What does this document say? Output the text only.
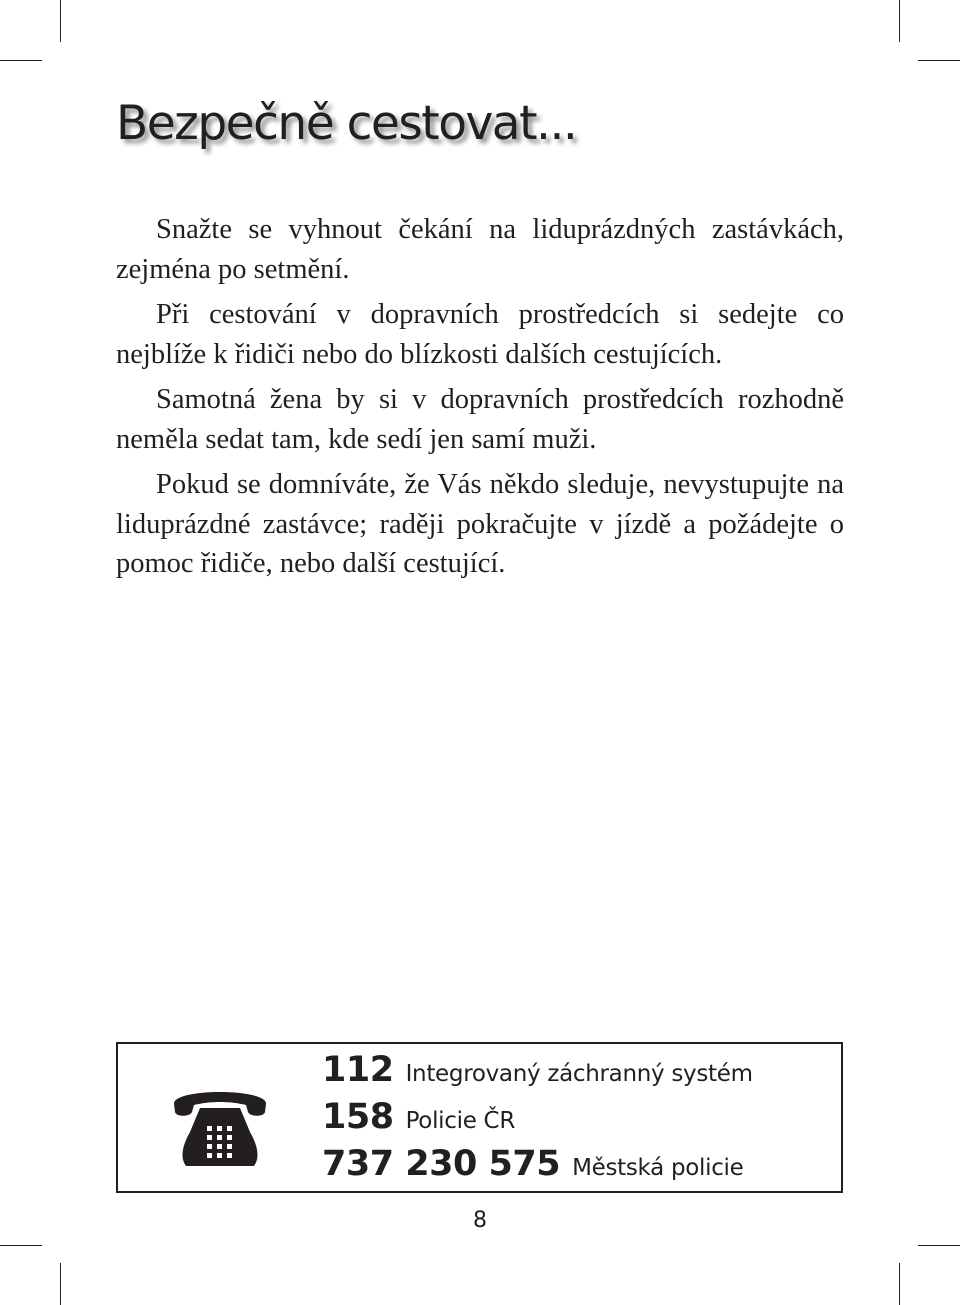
Bezpečně cestovat...

Snažte se vyhnout čekání na liduprázdných zastávkách, zejména po setmění.

Při cestování v dopravních prostředcích si sedejte co nejblíže k řidiči nebo do blízkosti dalších cestujících.

Samotná žena by si v dopravních prostředcích rozhodně neměla sedat tam, kde sedí jen samí muži.

Pokud se domníváte, že Vás někdo sleduje, nevystupujte na liduprázdné zastávce; raději pokračujte v jízdě a požádejte o pomoc řidiče, nebo další cestující.

112 Integrovaný záchranný systém
158 Policie ČR
737 230 575 Městská policie
8
